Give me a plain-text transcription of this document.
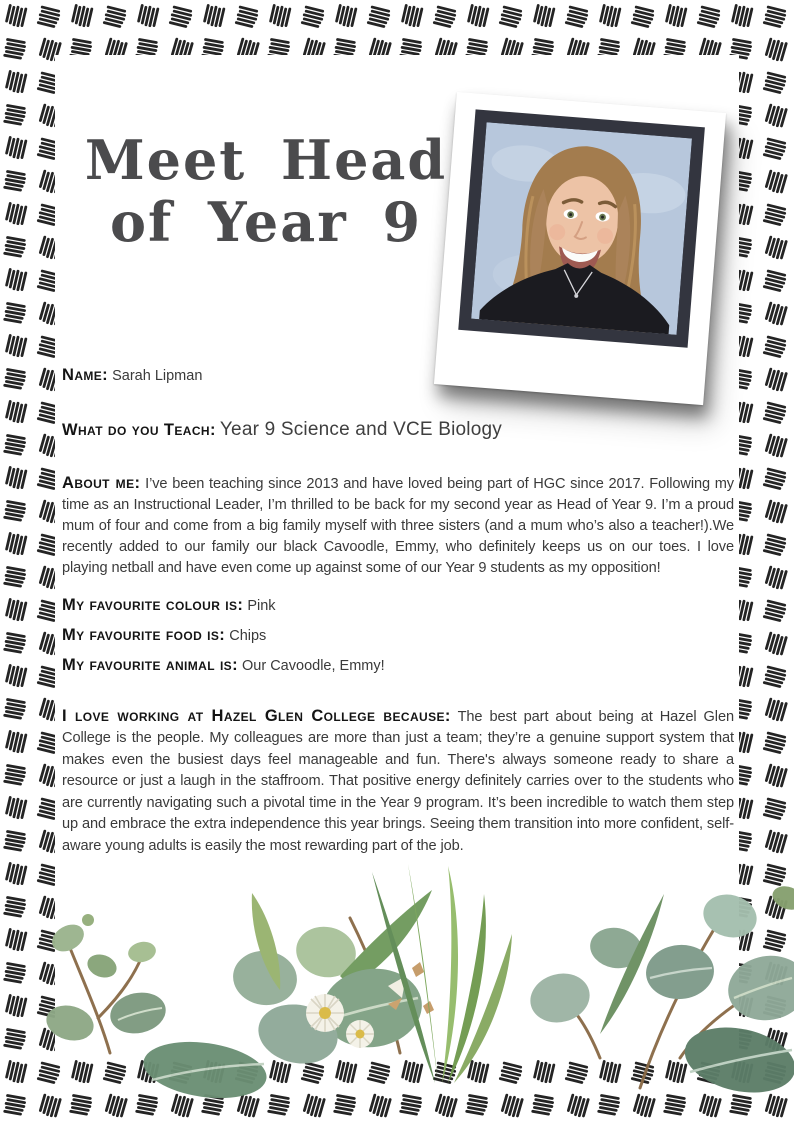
Meet Head
of Year 9
Name: Sarah Lipman
What do you Teach: Year 9 Science and VCE Biology

About me: I’ve been teaching since 2013 and have loved being part of HGC since 2017. Following my time as an Instructional Leader, I’m thrilled to be back for my second year as Head of Year 9. I’m a proud mum of four and come from a big family myself with three sisters (and a mum who’s also a teacher!).We recently added to our family our black Cavoodle, Emmy, who definitely keeps us on our toes. I love playing netball and have even come up against some of our Year 9 students as my opposition!

My favourite colour is: Pink
My favourite food is: Chips
My favourite animal is: Our Cavoodle, Emmy!

I love working at Hazel Glen College because: The best part about being at Hazel Glen College is the people. My colleagues are more than just a team; they’re a genuine support system that makes even the busiest days feel manageable and fun. There's always someone ready to share a resource or just a laugh in the staffroom. That positive energy definitely carries over to the students who are currently navigating such a pivotal time in the Year 9 program. It’s been incredible to watch them step up and embrace the extra independence this year brings. Seeing them transition into more confident, self-aware young adults is easily the most rewarding part of the job.
